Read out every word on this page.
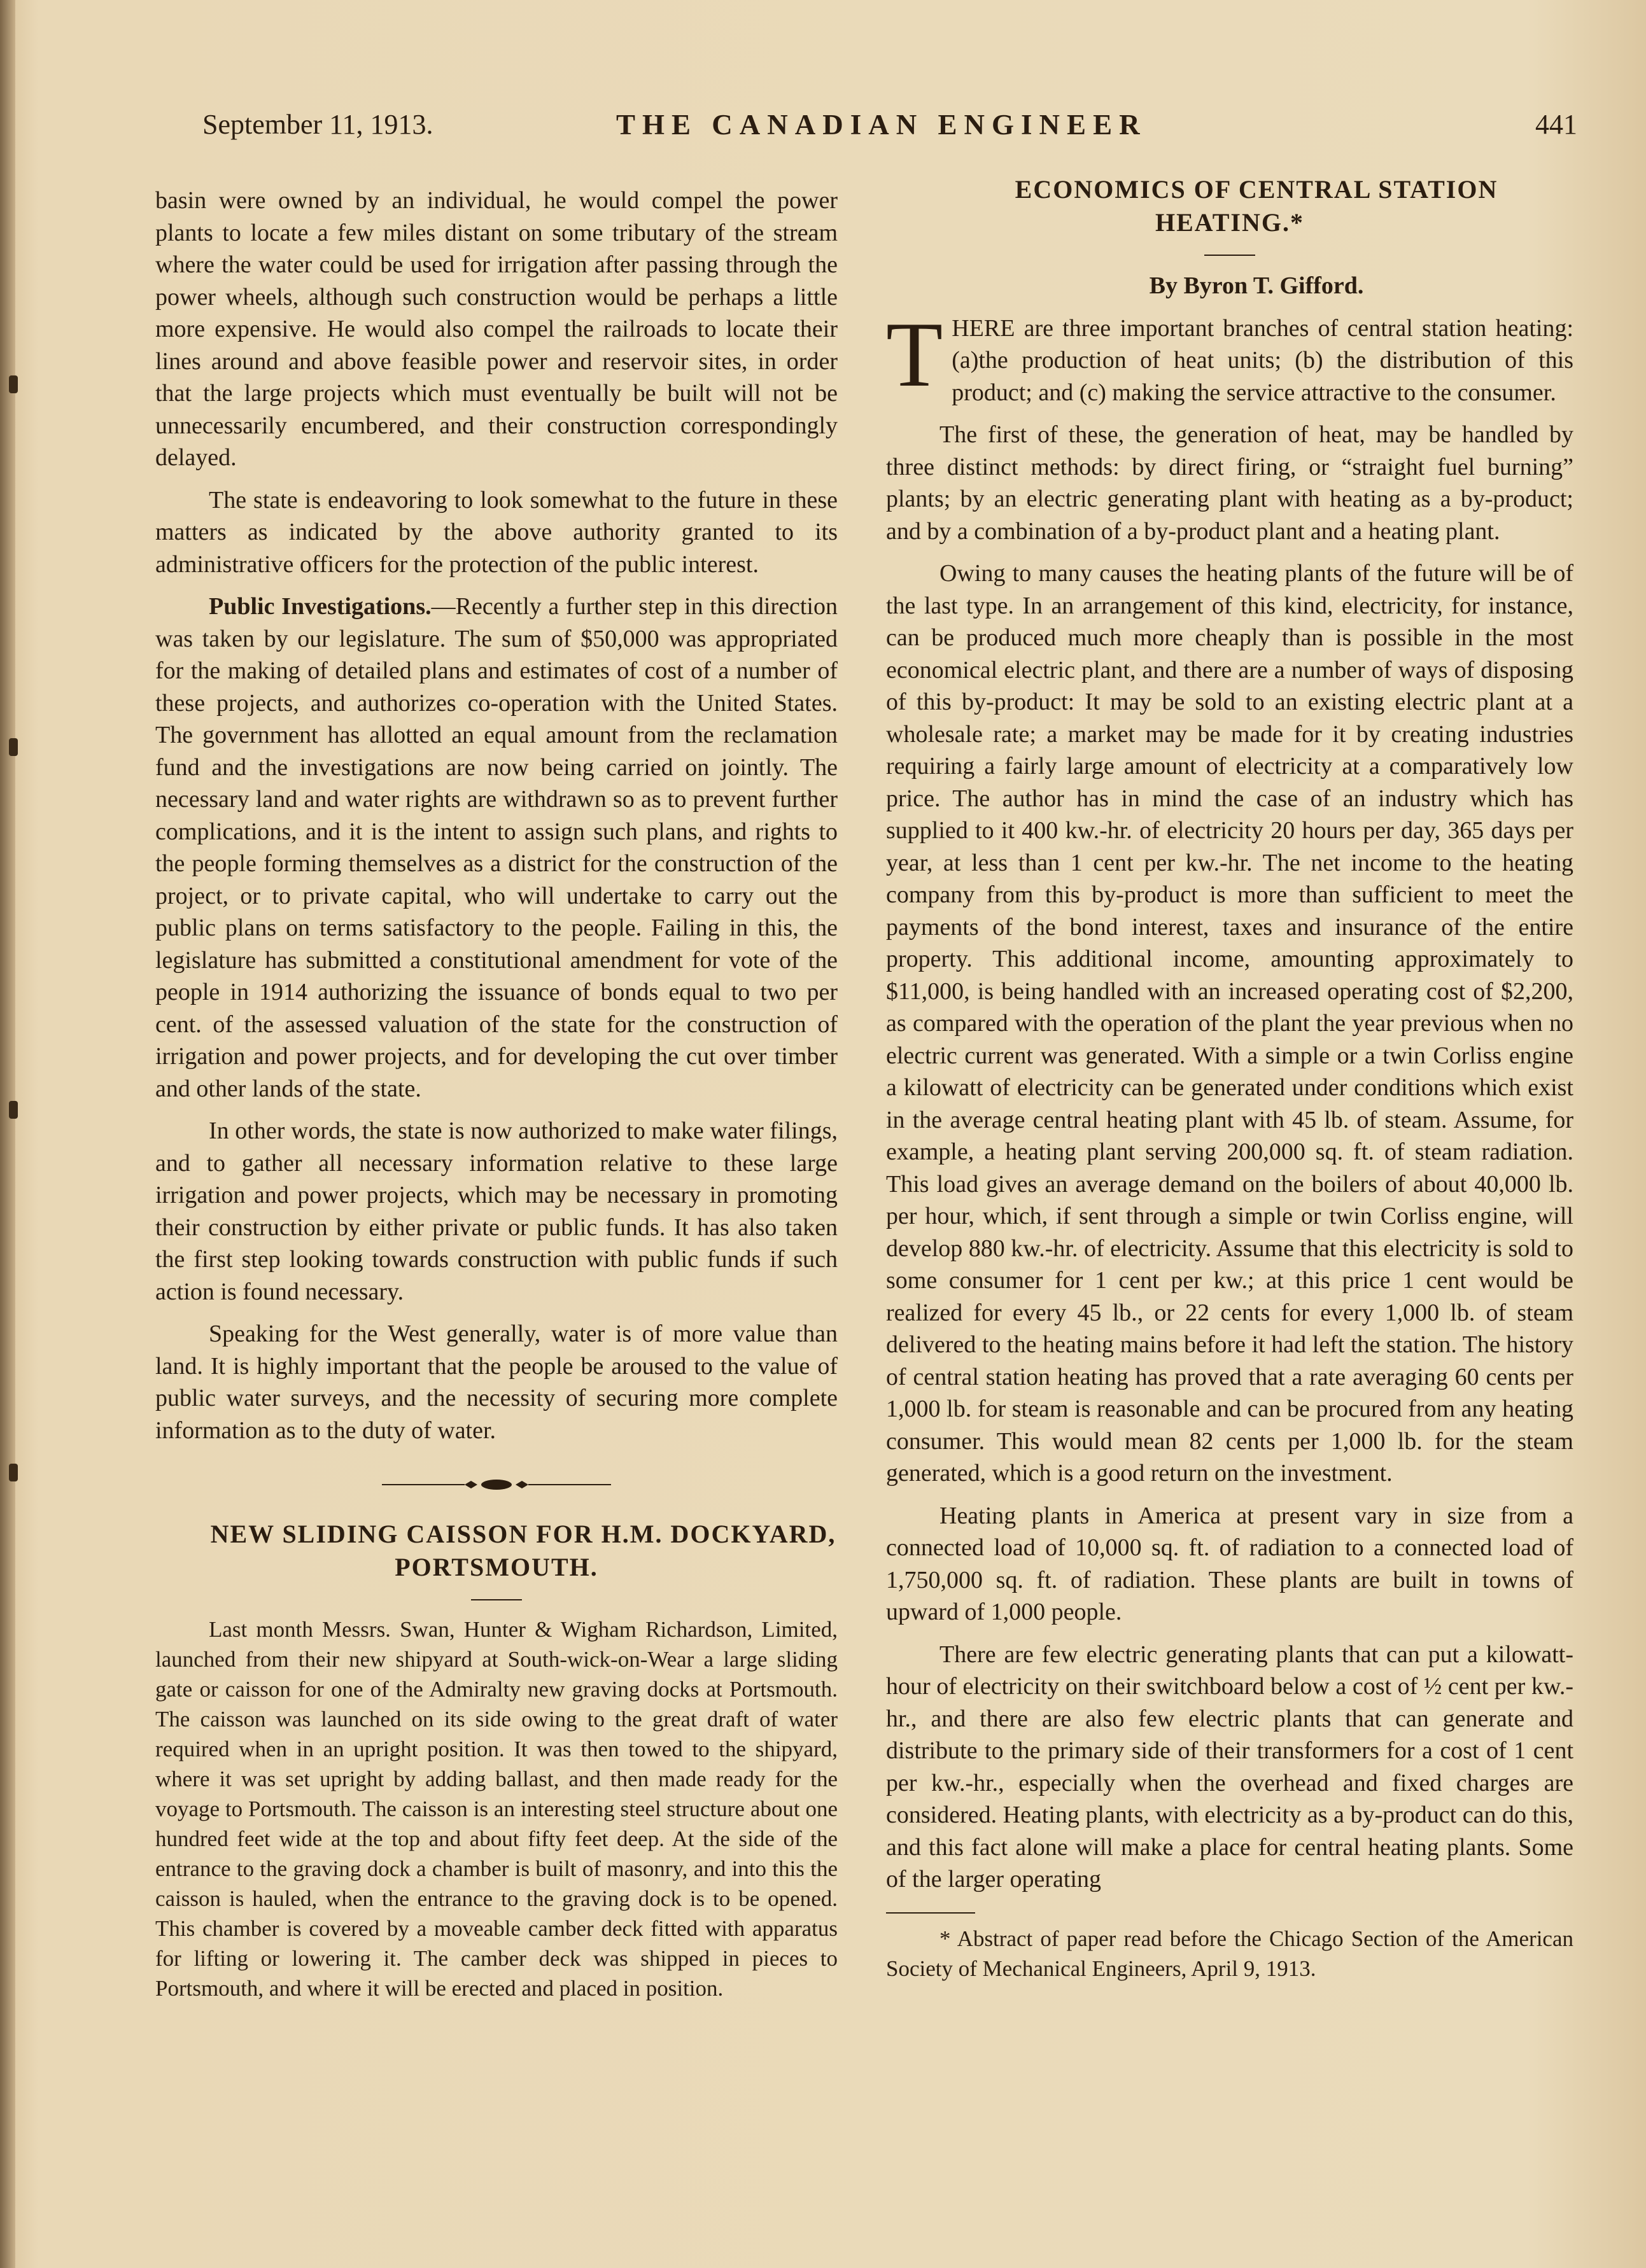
September 11, 1913.	THE CANADIAN ENGINEER	441

basin were owned by an individual, he would compel the power plants to locate a few miles distant on some tributary of the stream where the water could be used for irrigation after passing through the power wheels, although such construction would be perhaps a little more expensive. He would also compel the railroads to locate their lines around and above feasible power and reservoir sites, in order that the large projects which must eventually be built will not be unnecessarily encumbered, and their construction correspondingly delayed.

The state is endeavoring to look somewhat to the future in these matters as indicated by the above authority granted to its administrative officers for the protection of the public interest.

Public Investigations.—Recently a further step in this direction was taken by our legislature. The sum of $50,000 was appropriated for the making of detailed plans and estimates of cost of a number of these projects, and authorizes co-operation with the United States. The government has allotted an equal amount from the reclamation fund and the investigations are now being carried on jointly. The necessary land and water rights are withdrawn so as to prevent further complications, and it is the intent to assign such plans, and rights to the people forming themselves as a district for the construction of the project, or to private capital, who will undertake to carry out the public plans on terms satisfactory to the people. Failing in this, the legislature has submitted a constitutional amendment for vote of the people in 1914 authorizing the issuance of bonds equal to two per cent. of the assessed valuation of the state for the construction of irrigation and power projects, and for developing the cut over timber and other lands of the state.

In other words, the state is now authorized to make water filings, and to gather all necessary information relative to these large irrigation and power projects, which may be necessary in promoting their construction by either private or public funds. It has also taken the first step looking towards construction with public funds if such action is found necessary.

Speaking for the West generally, water is of more value than land. It is highly important that the people be aroused to the value of public water surveys, and the necessity of securing more complete information as to the duty of water.

NEW SLIDING CAISSON FOR H.M. DOCKYARD, PORTSMOUTH.

Last month Messrs. Swan, Hunter & Wigham Richardson, Limited, launched from their new shipyard at South-wick-on-Wear a large sliding gate or caisson for one of the Admiralty new graving docks at Portsmouth. The caisson was launched on its side owing to the great draft of water required when in an upright position. It was then towed to the shipyard, where it was set upright by adding ballast, and then made ready for the voyage to Portsmouth. The caisson is an interesting steel structure about one hundred feet wide at the top and about fifty feet deep. At the side of the entrance to the graving dock a chamber is built of masonry, and into this the caisson is hauled, when the entrance to the graving dock is to be opened. This chamber is covered by a moveable camber deck fitted with apparatus for lifting or lowering it. The camber deck was shipped in pieces to Portsmouth, and where it will be erected and placed in position.

ECONOMICS OF CENTRAL STATION HEATING.*

By Byron T. Gifford.

THERE are three important branches of central station heating: (a)the production of heat units; (b) the distribution of this product; and (c) making the service attractive to the consumer.

The first of these, the generation of heat, may be handled by three distinct methods: by direct firing, or “straight fuel burning” plants; by an electric generating plant with heating as a by-product; and by a combination of a by-product plant and a heating plant.

Owing to many causes the heating plants of the future will be of the last type. In an arrangement of this kind, electricity, for instance, can be produced much more cheaply than is possible in the most economical electric plant, and there are a number of ways of disposing of this by-product: It may be sold to an existing electric plant at a wholesale rate; a market may be made for it by creating industries requiring a fairly large amount of electricity at a comparatively low price. The author has in mind the case of an industry which has supplied to it 400 kw.-hr. of electricity 20 hours per day, 365 days per year, at less than 1 cent per kw.-hr. The net income to the heating company from this by-product is more than sufficient to meet the payments of the bond interest, taxes and insurance of the entire property. This additional income, amounting approximately to $11,000, is being handled with an increased operating cost of $2,200, as compared with the operation of the plant the year previous when no electric current was generated. With a simple or a twin Corliss engine a kilowatt of electricity can be generated under conditions which exist in the average central heating plant with 45 lb. of steam. Assume, for example, a heating plant serving 200,000 sq. ft. of steam radiation. This load gives an average demand on the boilers of about 40,000 lb. per hour, which, if sent through a simple or twin Corliss engine, will develop 880 kw.-hr. of electricity. Assume that this electricity is sold to some consumer for 1 cent per kw.; at this price 1 cent would be realized for every 45 lb., or 22 cents for every 1,000 lb. of steam delivered to the heating mains before it had left the station. The history of central station heating has proved that a rate averaging 60 cents per 1,000 lb. for steam is reasonable and can be procured from any heating consumer. This would mean 82 cents per 1,000 lb. for the steam generated, which is a good return on the investment.

Heating plants in America at present vary in size from a connected load of 10,000 sq. ft. of radiation to a connected load of 1,750,000 sq. ft. of radiation. These plants are built in towns of upward of 1,000 people.

There are few electric generating plants that can put a kilowatt-hour of electricity on their switchboard below a cost of ½ cent per kw.-hr., and there are also few electric plants that can generate and distribute to the primary side of their transformers for a cost of 1 cent per kw.-hr., especially when the overhead and fixed charges are considered. Heating plants, with electricity as a by-product can do this, and this fact alone will make a place for central heating plants. Some of the larger operating

* Abstract of paper read before the Chicago Section of the American Society of Mechanical Engineers, April 9, 1913.
